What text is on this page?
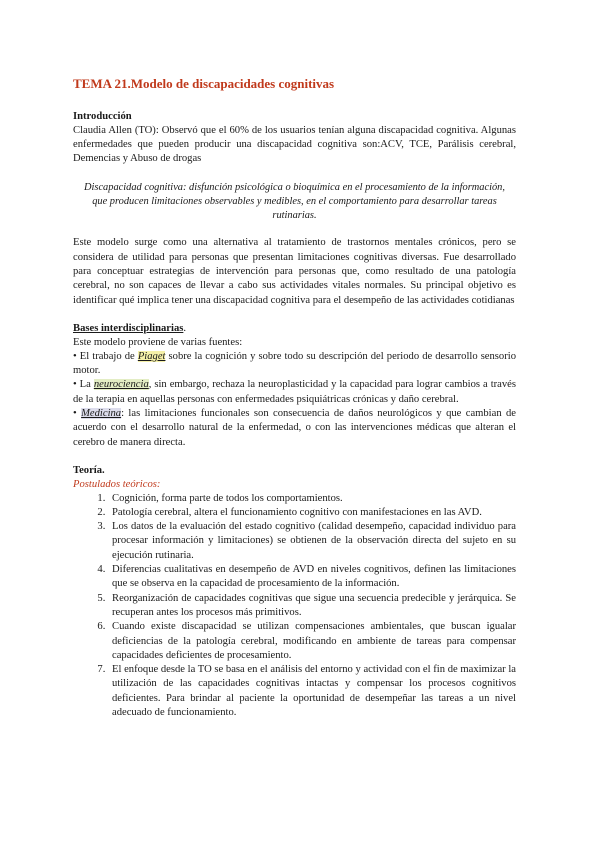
TEMA 21.Modelo de discapacidades cognitivas
Introducción

Claudia Allen (TO): Observó que el 60% de los usuarios tenían alguna discapacidad cognitiva. Algunas enfermedades que pueden producir una discapacidad cognitiva son:ACV, TCE, Parálisis cerebral, Demencias y Abuso de drogas

Discapacidad cognitiva: disfunción psicológica o bioquímica en el procesamiento de la información, que producen limitaciones observables y medibles, en el comportamiento para desarrollar tareas rutinarias.

Este modelo surge como una alternativa al tratamiento de trastornos mentales crónicos, pero se considera de utilidad para personas que presentan limitaciones cognitivas diversas. Fue desarrollado para conceptuar estrategias de intervención para personas que, como resultado de una patología cerebral, no son capaces de llevar a cabo sus actividades vitales normales. Su principal objetivo es identificar qué implica tener una discapacidad cognitiva para el desempeño de las actividades cotidianas

Bases interdisciplinarias.

Este modelo proviene de varias fuentes:

• El trabajo de Piaget sobre la cognición y sobre todo su descripción del periodo de desarrollo sensorio motor.
• La neurociencia, sin embargo, rechaza la neuroplasticidad y la capacidad para lograr cambios a través de la terapia en aquellas personas con enfermedades psiquiátricas crónicas y daño cerebral.
• Medicina: las limitaciones funcionales son consecuencia de daños neurológicos y que cambian de acuerdo con el desarrollo natural de la enfermedad, o con las intervenciones médicas que alteran el cerebro de manera directa.
Teoría.
Postulados teóricos:
1. Cognición, forma parte de todos los comportamientos.
2. Patología cerebral, altera el funcionamiento cognitivo con manifestaciones en las AVD.
3. Los datos de la evaluación del estado cognitivo (calidad desempeño, capacidad individuo para procesar información y limitaciones) se obtienen de la observación directa del sujeto en su ejecución rutinaria.
4. Diferencias cualitativas en desempeño de AVD en niveles cognitivos, definen las limitaciones que se observa en la capacidad de procesamiento de la información.
5. Reorganización de capacidades cognitivas que sigue una secuencia predecible y jerárquica. Se recuperan antes los procesos más primitivos.
6. Cuando existe discapacidad se utilizan compensaciones ambientales, que buscan igualar deficiencias de la patología cerebral, modificando en ambiente de tareas para compensar capacidades deficientes de procesamiento.
7. El enfoque desde la TO se basa en el análisis del entorno y actividad con el fin de maximizar la utilización de las capacidades cognitivas intactas y compensar los procesos cognitivos deficientes. Para brindar al paciente la oportunidad de desempeñar las tareas a un nivel adecuado de funcionamiento.
